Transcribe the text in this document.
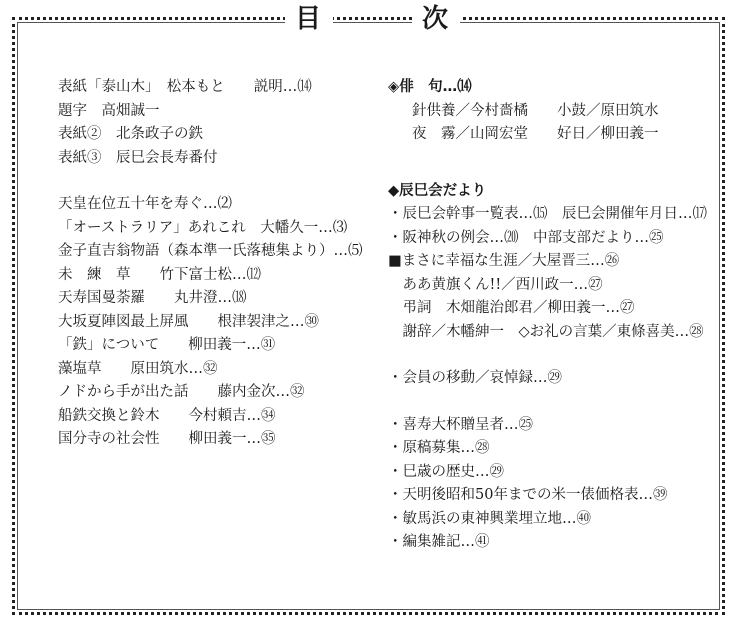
目	次
表紙「泰山木」　松本もと　　説明…⒁
題字　高畑誠一
表紙②　北条政子の鉄
表紙③　辰巳会長寿番付
天皇在位五十年を寿ぐ…⑵
「オーストラリア」あれこれ　大幡久一…⑶
金子直吉翁物語（森本準一氏落穂集より）…⑸
未　練　草　　竹下富士松…⑿
天寿国曼荼羅　　丸井澄…⒅
大坂夏陣図最上屏風　　根津袈津之…㉚
「鉄」について　　柳田義一…㉛
藻塩草　　原田筑水…㉜
ノドから手が出た話　　藤内金次…㉜
船鉄交換と鈴木　　今村頼吉…㉞
国分寺の社会性　　柳田義一…㉟
◈俳　句…⒁
針供養／今村嗇橘　　小鼓／原田筑水
夜　霧／山岡宏堂　　好日／柳田義一
◆辰巳会だより
・辰巳会幹事一覧表…⒂　辰巳会開催年月日…⒄
・阪神秋の例会…⒇　中部支部だより…㉕
■まさに幸福な生涯／大屋晋三…㉖
　ああ黄旗くん!!／西川政一…㉗
　弔詞　木畑龍治郎君／柳田義一…㉗
　謝辞／木幡紳一　◇お礼の言葉／東條喜美…㉘
・会員の移動／哀悼録…㉙
・喜寿大杯贈呈者…㉕
・原稿募集…㉘
・巳歳の歴史…㉙
・天明後昭和50年までの米一俵価格表…㊴
・敏馬浜の東神興業埋立地…㊵
・編集雑記…㊶
